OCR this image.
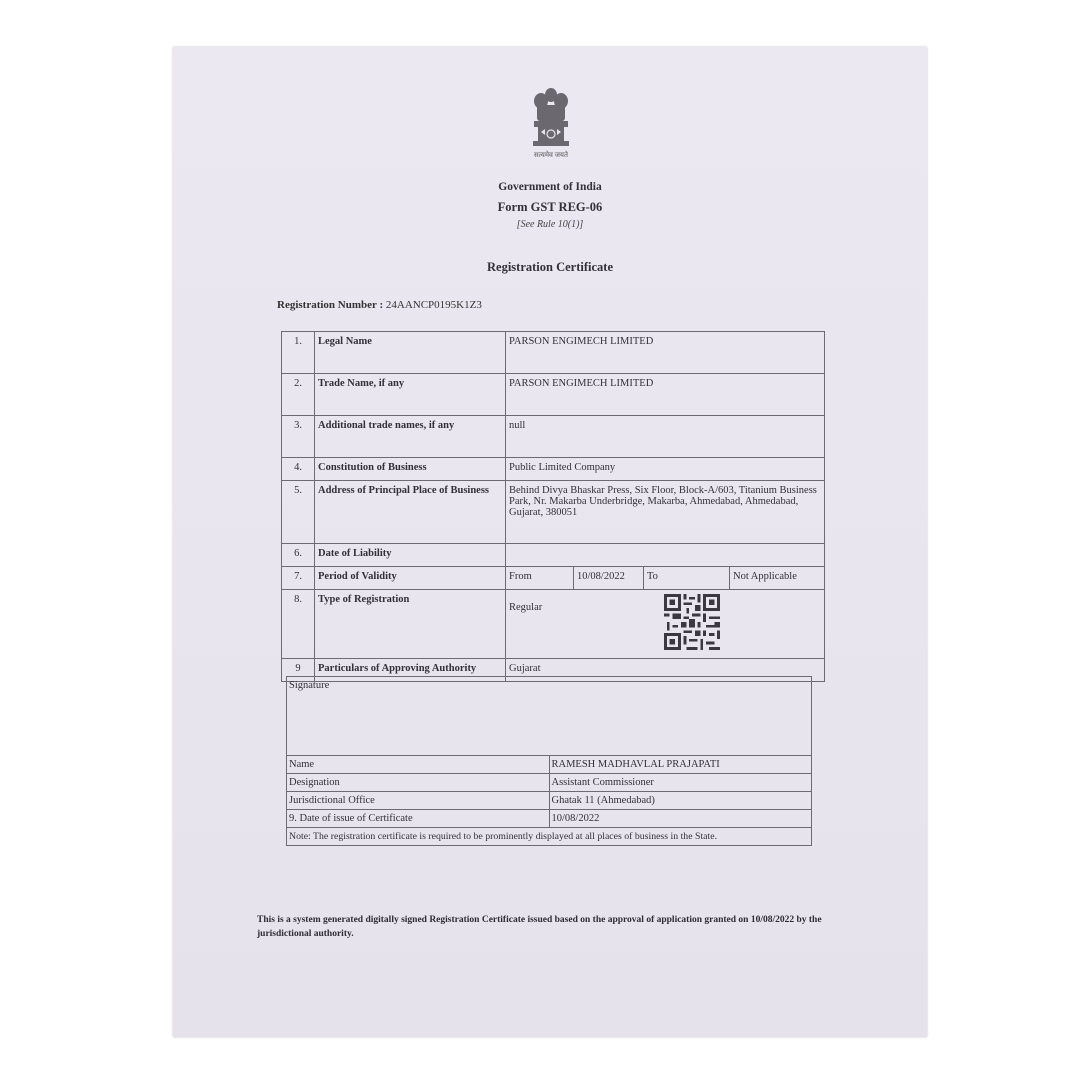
सत्यमेव जयते
Government of India
Form GST REG-06
[See Rule 10(1)]
Registration Certificate
Registration Number : 24AANCP0195K1Z3
1.	Legal Name	PARSON ENGIMECH LIMITED
2.	Trade Name, if any	PARSON ENGIMECH LIMITED
3.	Additional trade names, if any	null
4.	Constitution of Business	Public Limited Company
5.	Address of Principal Place of Business	Behind Divya Bhaskar Press, Six Floor, Block-A/603, Titanium Business Park, Nr. Makarba Underbridge, Makarba, Ahmedabad, Ahmedabad, Gujarat, 380051
6.	Date of Liability	
7.	Period of Validity	From 10/08/2022 To Not Applicable

8.	Type of Registration	Regular

9	Particulars of Approving Authority	Gujarat
Signature	
Name	RAMESH MADHAVLAL PRAJAPATI
Designation	Assistant Commissioner
Jurisdictional Office	Ghatak 11 (Ahmedabad)
9. Date of issue of Certificate	10/08/2022
Note: The registration certificate is required to be prominently displayed at all places of business in the State.	
This is a system generated digitally signed Registration Certificate issued based on the approval of application granted on 10/08/2022 by the jurisdictional authority.
